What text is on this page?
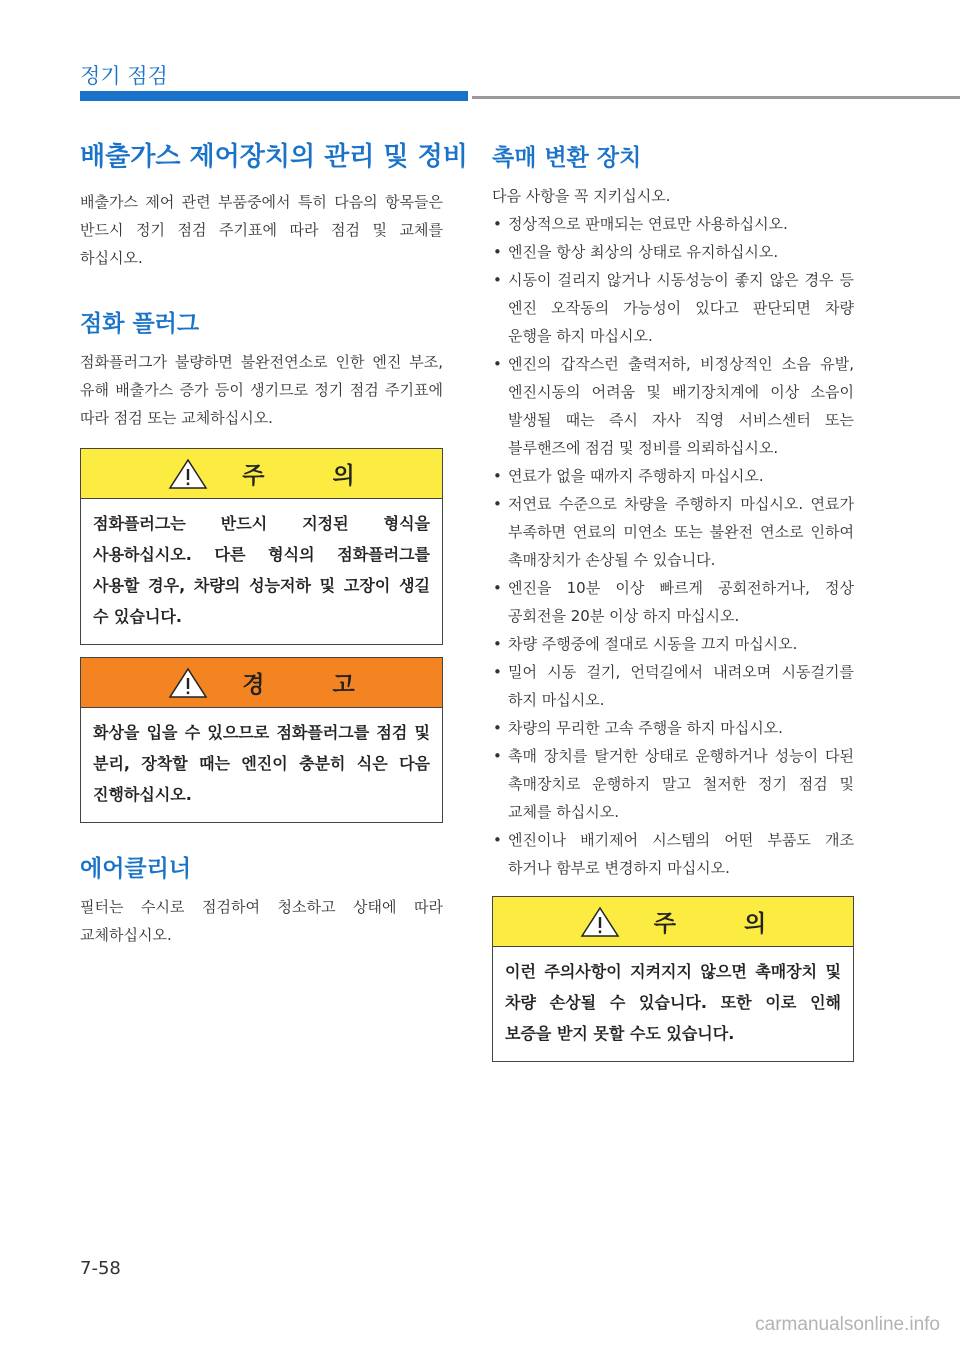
정기 점검
배출가스 제어장치의 관리 및 정비

배출가스 제어 관련 부품중에서 특히 다음의 항목들은 반드시 정기 점검 주기표에 따라 점검 및 교체를 하십시오.

점화 플러그

점화플러그가 불량하면 불완전연소로 인한 엔진 부조, 유해 배출가스 증가 등이 생기므로 정기 점검 주기표에 따라 점검 또는 교체하십시오.

주 의
점화플러그는 반드시 지정된 형식을 사용하십시오. 다른 형식의 점화플러그를 사용할 경우, 차량의 성능저하 및 고장이 생길 수 있습니다.
경 고
화상을 입을 수 있으므로 점화플러그를 점검 및 분리, 장착할 때는 엔진이 충분히 식은 다음 진행하십시오.
에어클리너

필터는 수시로 점검하여 청소하고 상태에 따라 교체하십시오.

촉매 변환 장치

다음 사항을 꼭 지키십시오.

• 정상적으로 판매되는 연료만 사용하십시오.
• 엔진을 항상 최상의 상태로 유지하십시오.
• 시동이 걸리지 않거나 시동성능이 좋지 않은 경우 등 엔진 오작동의 가능성이 있다고 판단되면 차량 운행을 하지 마십시오.
• 엔진의 갑작스런 출력저하, 비정상적인 소음 유발, 엔진시동의 어려움 및 배기장치계에 이상 소음이 발생될 때는 즉시 자사 직영 서비스센터 또는 블루핸즈에 점검 및 정비를 의뢰하십시오.
• 연료가 없을 때까지 주행하지 마십시오.
• 저연료 수준으로 차량을 주행하지 마십시오. 연료가 부족하면 연료의 미연소 또는 불완전 연소로 인하여 촉매장치가 손상될 수 있습니다.
• 엔진을 10분 이상 빠르게 공회전하거나, 정상 공회전을 20분 이상 하지 마십시오.
• 차량 주행중에 절대로 시동을 끄지 마십시오.
• 밀어 시동 걸기, 언덕길에서 내려오며 시동걸기를 하지 마십시오.
• 차량의 무리한 고속 주행을 하지 마십시오.
• 촉매 장치를 탈거한 상태로 운행하거나 성능이 다된 촉매장치로 운행하지 말고 철저한 정기 점검 및 교체를 하십시오.
• 엔진이나 배기제어 시스템의 어떤 부품도 개조 하거나 함부로 변경하지 마십시오.
주 의
이런 주의사항이 지켜지지 않으면 촉매장치 및 차량 손상될 수 있습니다. 또한 이로 인해 보증을 받지 못할 수도 있습니다.
7-58
carmanualsonline.info
